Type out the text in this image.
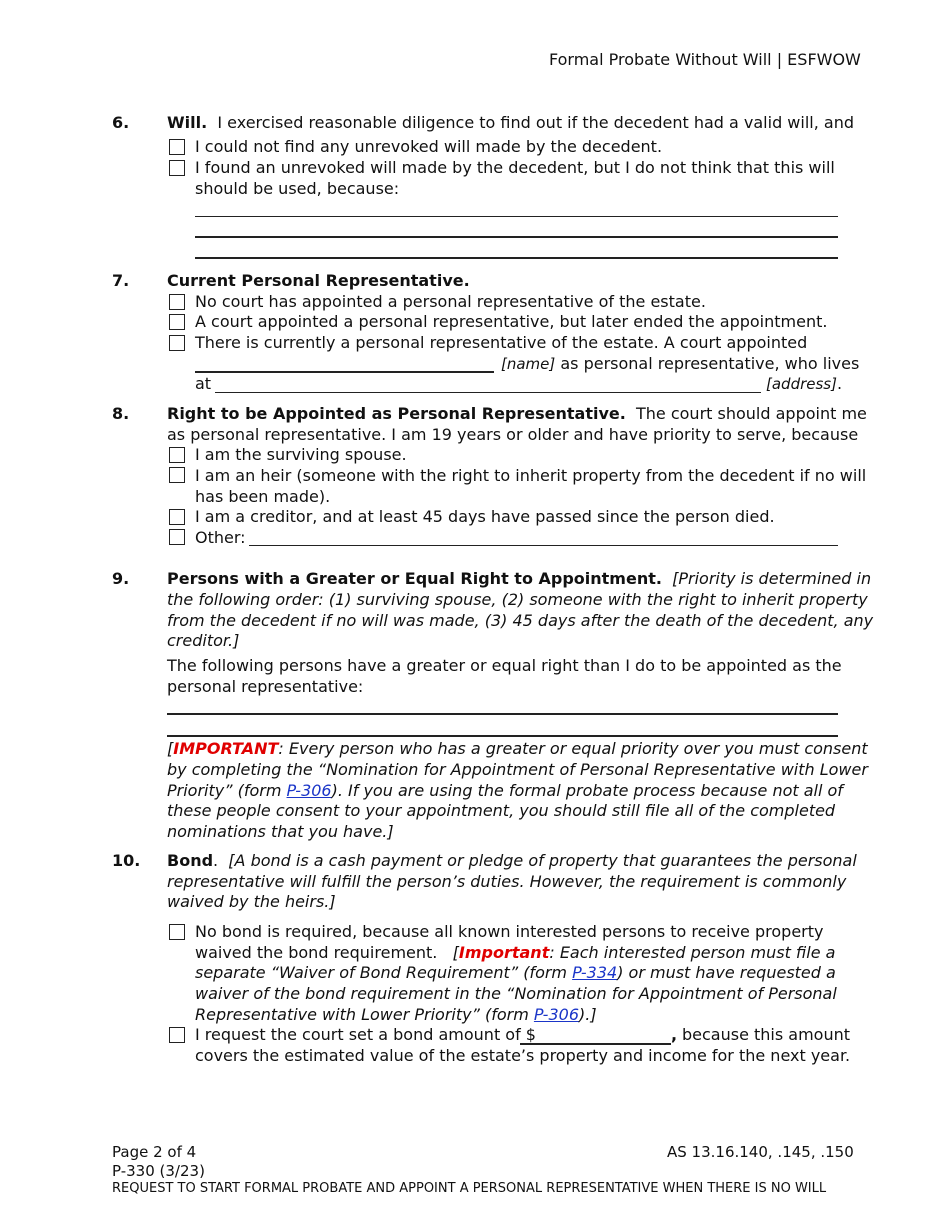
Formal Probate Without Will | ESFWOW
6. Will. I exercised reasonable diligence to find out if the decedent had a valid will, and
I could not find any unrevoked will made by the decedent.
I found an unrevoked will made by the decedent, but I do not think that this will
should be used, because:
7. Current Personal Representative.
No court has appointed a personal representative of the estate.
A court appointed a personal representative, but later ended the appointment.
There is currently a personal representative of the estate. A court appointed
[name] as personal representative, who lives
at	[address].
8. Right to be Appointed as Personal Representative. The court should appoint me
as personal representative. I am 19 years or older and have priority to serve, because
I am the surviving spouse.
I am an heir (someone with the right to inherit property from the decedent if no will
has been made).
I am a creditor, and at least 45 days have passed since the person died.
Other:
9. Persons with a Greater or Equal Right to Appointment. [Priority is determined in
the following order: (1) surviving spouse, (2) someone with the right to inherit property
from the decedent if no will was made, (3) 45 days after the death of the decedent, any
creditor.]
The following persons have a greater or equal right than I do to be appointed as the
personal representative:
[IMPORTANT: Every person who has a greater or equal priority over you must consent
by completing the “Nomination for Appointment of Personal Representative with Lower
Priority” (form P-306). If you are using the formal probate process because not all of
these people consent to your appointment, you should still file all of the completed
nominations that you have.]
10. Bond. [A bond is a cash payment or pledge of property that guarantees the personal
representative will fulfill the person’s duties. However, the requirement is commonly
waived by the heirs.]
No bond is required, because all known interested persons to receive property
waived the bond requirement. [Important: Each interested person must file a
separate “Waiver of Bond Requirement” (form P-334) or must have requested a
waiver of the bond requirement in the “Nomination for Appointment of Personal
Representative with Lower Priority” (form P-306).]
I request the court set a bond amount of $	, because this amount
covers the estimated value of the estate’s property and income for the next year.
Page 2 of 4	AS 13.16.140, .145, .150
P-330 (3/23)
REQUEST TO START FORMAL PROBATE AND APPOINT A PERSONAL REPRESENTATIVE WHEN THERE IS NO WILL
